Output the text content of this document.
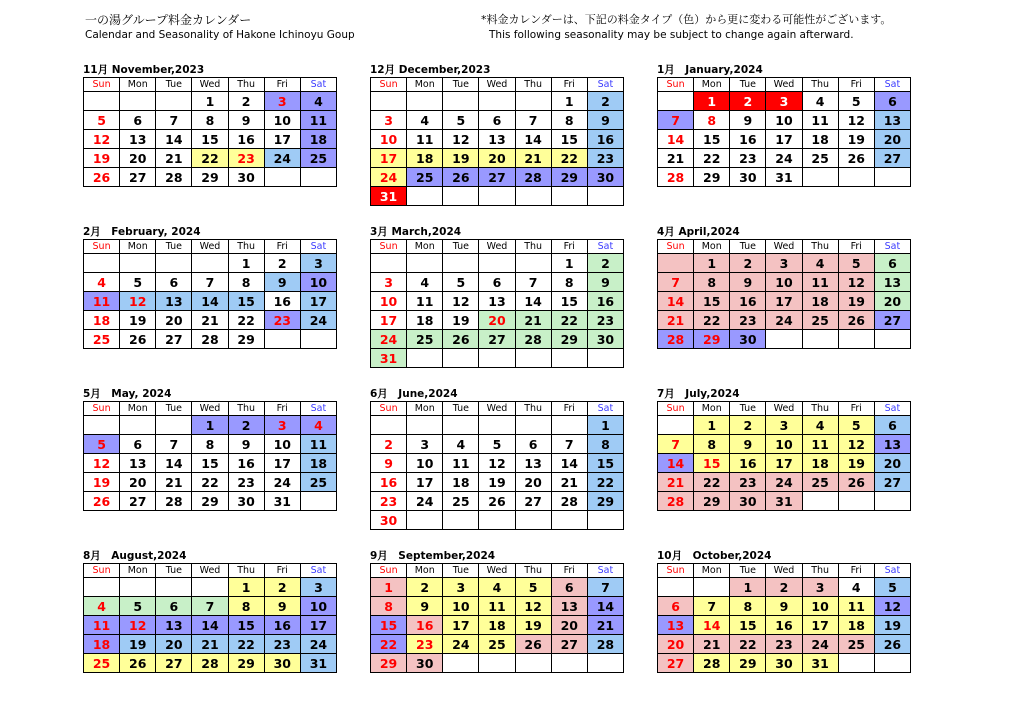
一の湯グループ料金カレンダー
Calendar and Seasonality of Hakone Ichinoyu Goup
*料金カレンダーは、下記の料金タイプ（色）から更に変わる可能性がございます。
This following seasonality may be subject to change again afterward.
11月 November,2023
Sun	Mon	Tue	Wed	Thu	Fri	Sat
			1	2	3	4
5	6	7	8	9	10	11
12	13	14	15	16	17	18
19	20	21	22	23	24	25
26	27	28	29	30		
12月 December,2023
Sun	Mon	Tue	Wed	Thu	Fri	Sat
					1	2
3	4	5	6	7	8	9
10	11	12	13	14	15	16
17	18	19	20	21	22	23
24	25	26	27	28	29	30
31						
1月　January,2024
Sun	Mon	Tue	Wed	Thu	Fri	Sat
	1	2	3	4	5	6
7	8	9	10	11	12	13
14	15	16	17	18	19	20
21	22	23	24	25	26	27
28	29	30	31			
2月　February, 2024
Sun	Mon	Tue	Wed	Thu	Fri	Sat
				1	2	3
4	5	6	7	8	9	10
11	12	13	14	15	16	17
18	19	20	21	22	23	24
25	26	27	28	29		
3月 March,2024
Sun	Mon	Tue	Wed	Thu	Fri	Sat
					1	2
3	4	5	6	7	8	9
10	11	12	13	14	15	16
17	18	19	20	21	22	23
24	25	26	27	28	29	30
31						
4月 April,2024
Sun	Mon	Tue	Wed	Thu	Fri	Sat
	1	2	3	4	5	6
7	8	9	10	11	12	13
14	15	16	17	18	19	20
21	22	23	24	25	26	27
28	29	30				
5月　May, 2024
Sun	Mon	Tue	Wed	Thu	Fri	Sat
			1	2	3	4
5	6	7	8	9	10	11
12	13	14	15	16	17	18
19	20	21	22	23	24	25
26	27	28	29	30	31	
6月　June,2024
Sun	Mon	Tue	Wed	Thu	Fri	Sat
						1
2	3	4	5	6	7	8
9	10	11	12	13	14	15
16	17	18	19	20	21	22
23	24	25	26	27	28	29
30						
7月　July,2024
Sun	Mon	Tue	Wed	Thu	Fri	Sat
	1	2	3	4	5	6
7	8	9	10	11	12	13
14	15	16	17	18	19	20
21	22	23	24	25	26	27
28	29	30	31			
8月　August,2024
Sun	Mon	Tue	Wed	Thu	Fri	Sat
				1	2	3
4	5	6	7	8	9	10
11	12	13	14	15	16	17
18	19	20	21	22	23	24
25	26	27	28	29	30	31
9月　September,2024
Sun	Mon	Tue	Wed	Thu	Fri	Sat
1	2	3	4	5	6	7
8	9	10	11	12	13	14
15	16	17	18	19	20	21
22	23	24	25	26	27	28
29	30					
10月　October,2024
Sun	Mon	Tue	Wed	Thu	Fri	Sat
		1	2	3	4	5
6	7	8	9	10	11	12
13	14	15	16	17	18	19
20	21	22	23	24	25	26
27	28	29	30	31		
